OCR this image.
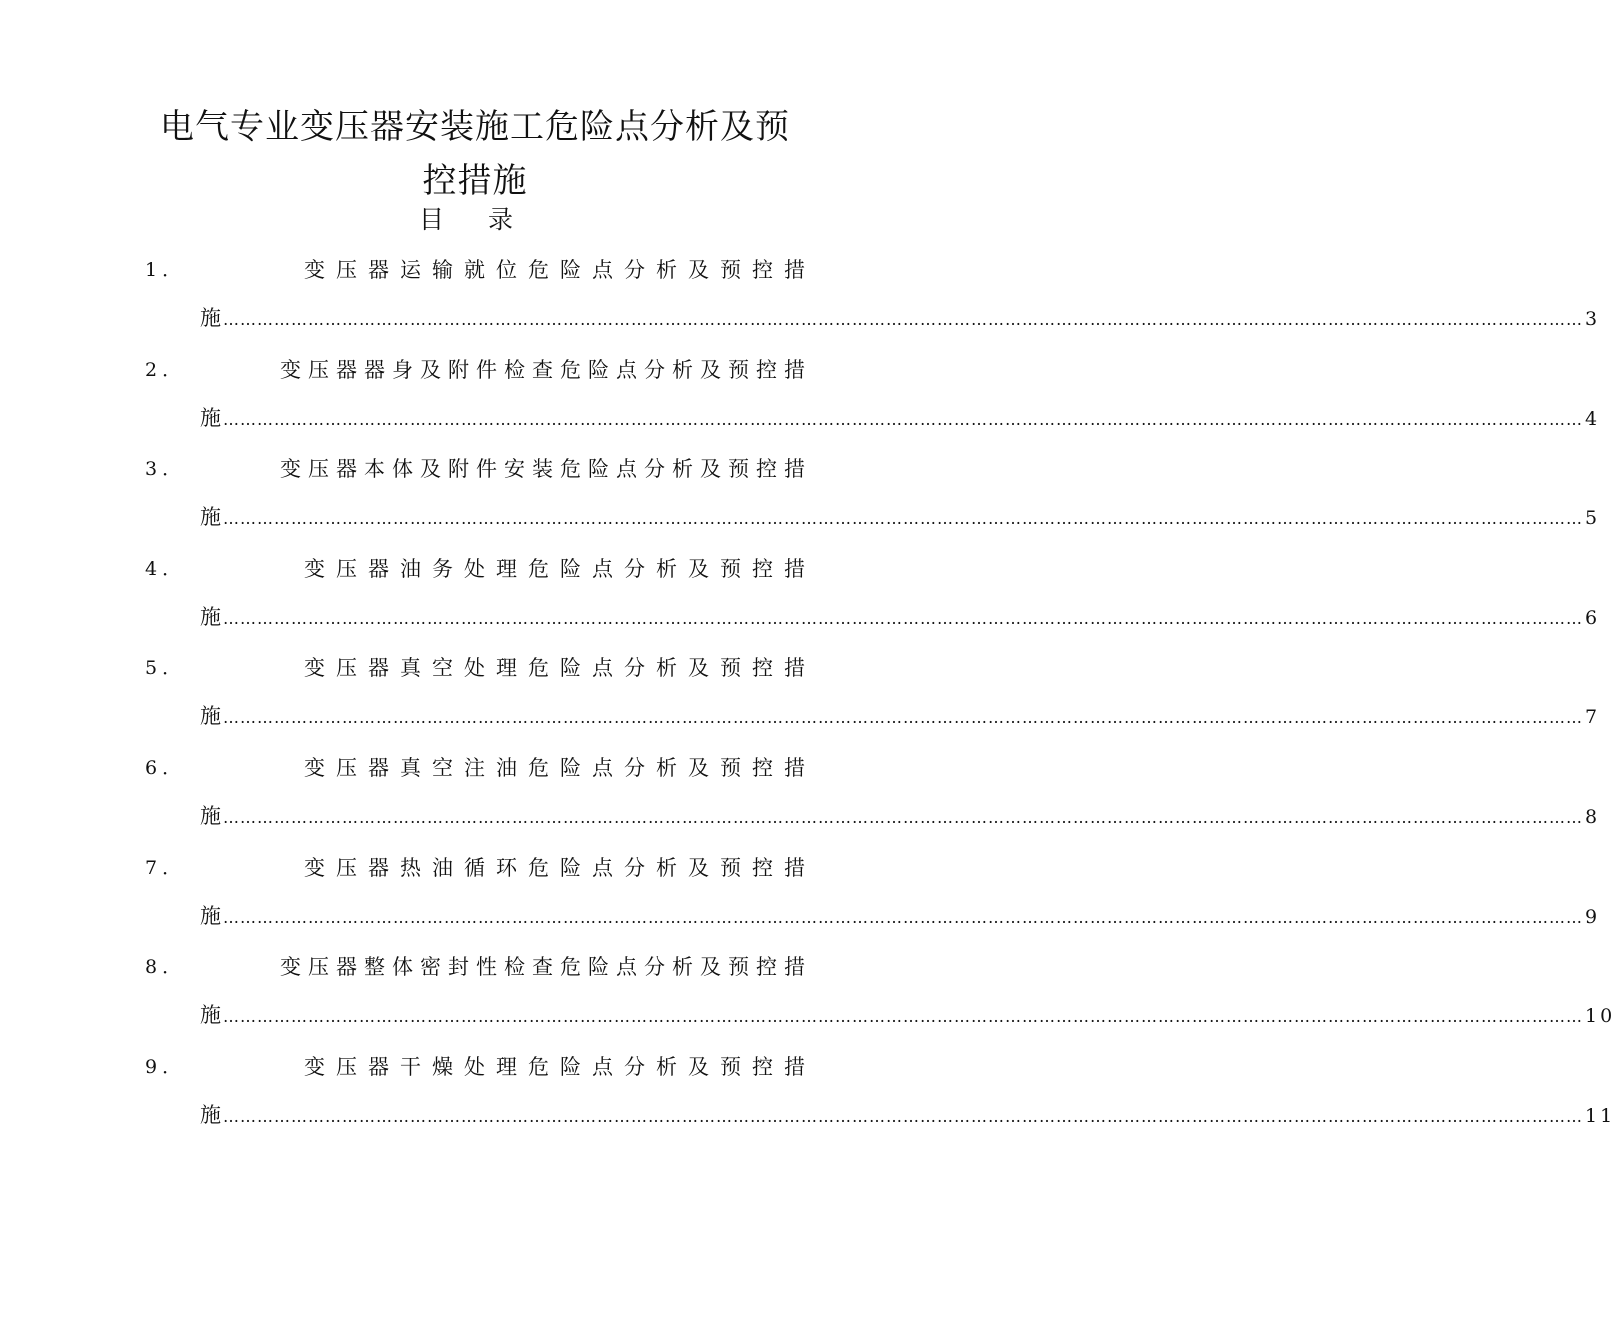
电气专业变压器安装施工危险点分析及预控措施
目 录
1．	变压器运输就位危险点分析及预控措
施 …………………………………………………………………………………………………………………………………………………………………………………………………………………… 3
2．	变压器器身及附件检查危险点分析及预控措
施 …………………………………………………………………………………………………………………………………………………………………………………………………………………… 4
3．	变压器本体及附件安装危险点分析及预控措
施 …………………………………………………………………………………………………………………………………………………………………………………………………………………… 5
4．	变压器油务处理危险点分析及预控措
施 …………………………………………………………………………………………………………………………………………………………………………………………………………………… 6
5．	变压器真空处理危险点分析及预控措
施 …………………………………………………………………………………………………………………………………………………………………………………………………………………… 7
6．	变压器真空注油危险点分析及预控措
施 …………………………………………………………………………………………………………………………………………………………………………………………………………………… 8
7．	变压器热油循环危险点分析及预控措
施 …………………………………………………………………………………………………………………………………………………………………………………………………………………… 9
8．	变压器整体密封性检查危险点分析及预控措
施 …………………………………………………………………………………………………………………………………………………………………………………………………………………… 10
9．	变压器干燥处理危险点分析及预控措
施 …………………………………………………………………………………………………………………………………………………………………………………………………………………… 11
